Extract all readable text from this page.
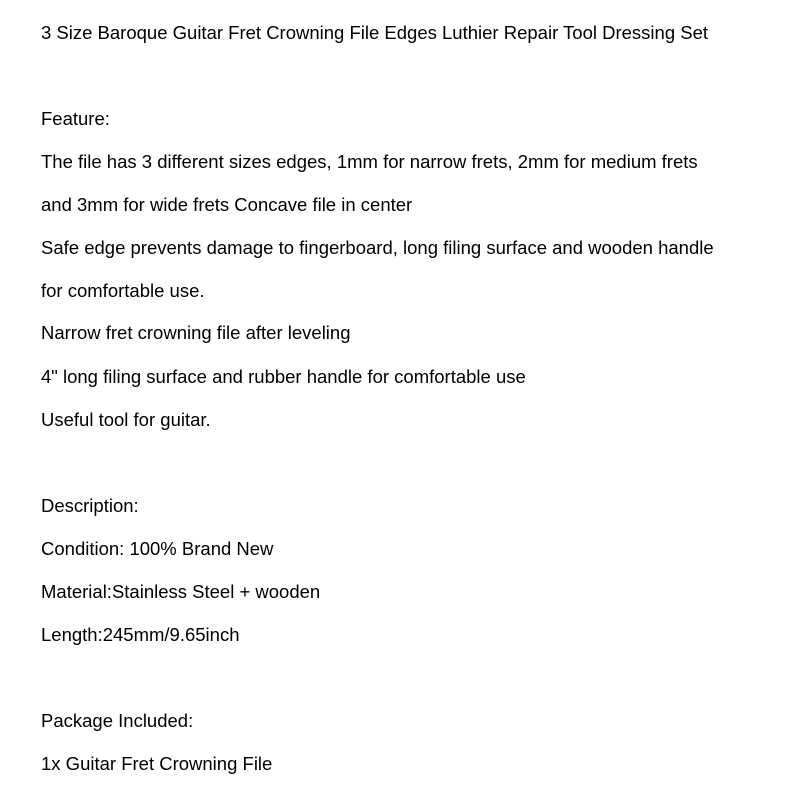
3 Size Baroque Guitar Fret Crowning File Edges Luthier Repair Tool Dressing Set
Feature:
The file has 3 different sizes edges, 1mm for narrow frets, 2mm for medium frets
and 3mm for wide frets Concave file in center
Safe edge prevents damage to fingerboard, long filing surface and wooden handle
for comfortable use.
Narrow fret crowning file after leveling
4" long filing surface and rubber handle for comfortable use
Useful tool for guitar.
Description:
Condition: 100% Brand New
Material:Stainless Steel + wooden
Length:245mm/9.65inch
Package Included:
1x Guitar Fret Crowning File
